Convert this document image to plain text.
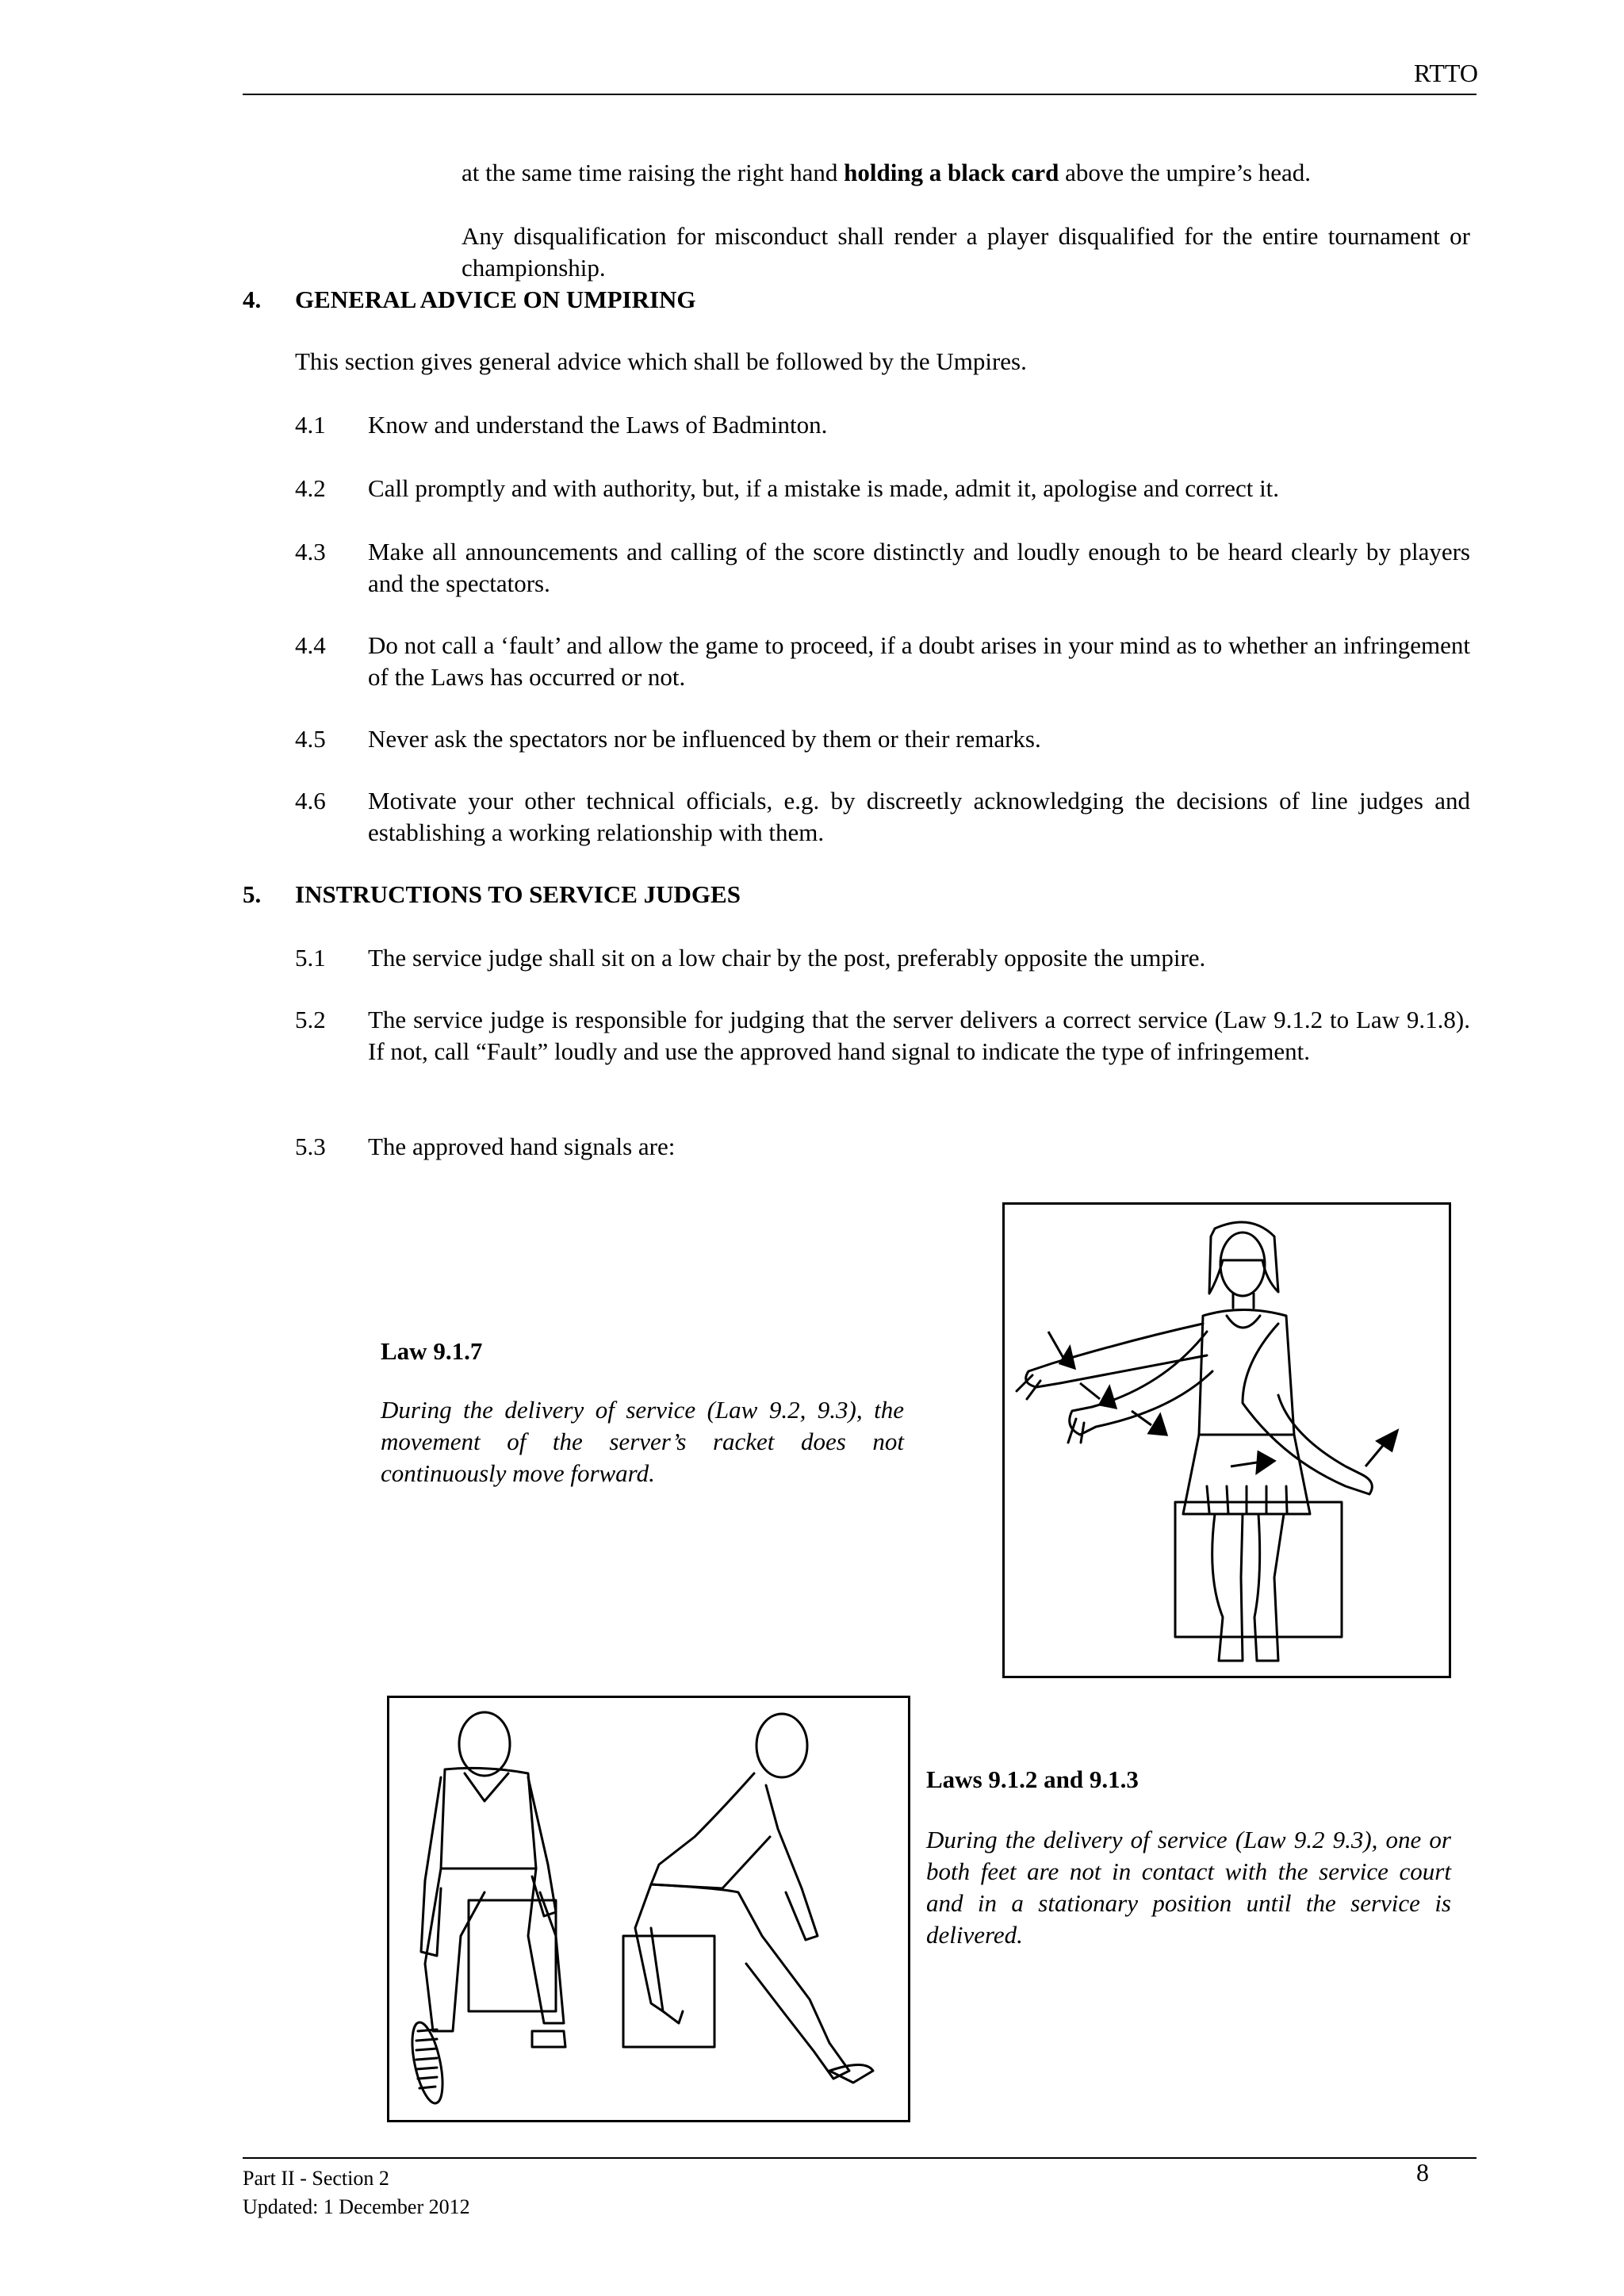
RTTO
at the same time raising the right hand holding a black card above the umpire’s head.
Any disqualification for misconduct shall render a player disqualified for the entire tournament or championship.
4. GENERAL ADVICE ON UMPIRING
This section gives general advice which shall be followed by the Umpires.
4.1 Know and understand the Laws of Badminton.
4.2 Call promptly and with authority, but, if a mistake is made, admit it, apologise and correct it.
4.3 Make all announcements and calling of the score distinctly and loudly enough to be heard clearly by players and the spectators.
4.4 Do not call a ‘fault’ and allow the game to proceed, if a doubt arises in your mind as to whether an infringement of the Laws has occurred or not.
4.5 Never ask the spectators nor be influenced by them or their remarks.
4.6 Motivate your other technical officials, e.g. by discreetly acknowledging the decisions of line judges and establishing a working relationship with them.
5. INSTRUCTIONS TO SERVICE JUDGES
5.1 The service judge shall sit on a low chair by the post, preferably opposite the umpire.
5.2 The service judge is responsible for judging that the server delivers a correct service (Law 9.1.2 to Law 9.1.8). If not, call “Fault” loudly and use the approved hand signal to indicate the type of infringement.
5.3 The approved hand signals are:
Law 9.1.7
During the delivery of service (Law 9.2, 9.3), the movement of the server’s racket does not continuously move forward.
Laws 9.1.2 and 9.1.3
During the delivery of service (Law 9.2 9.3), one or both feet are not in contact with the service court and in a stationary position until the service is delivered.
Part II - Section 2
Updated: 1 December 2012
8
